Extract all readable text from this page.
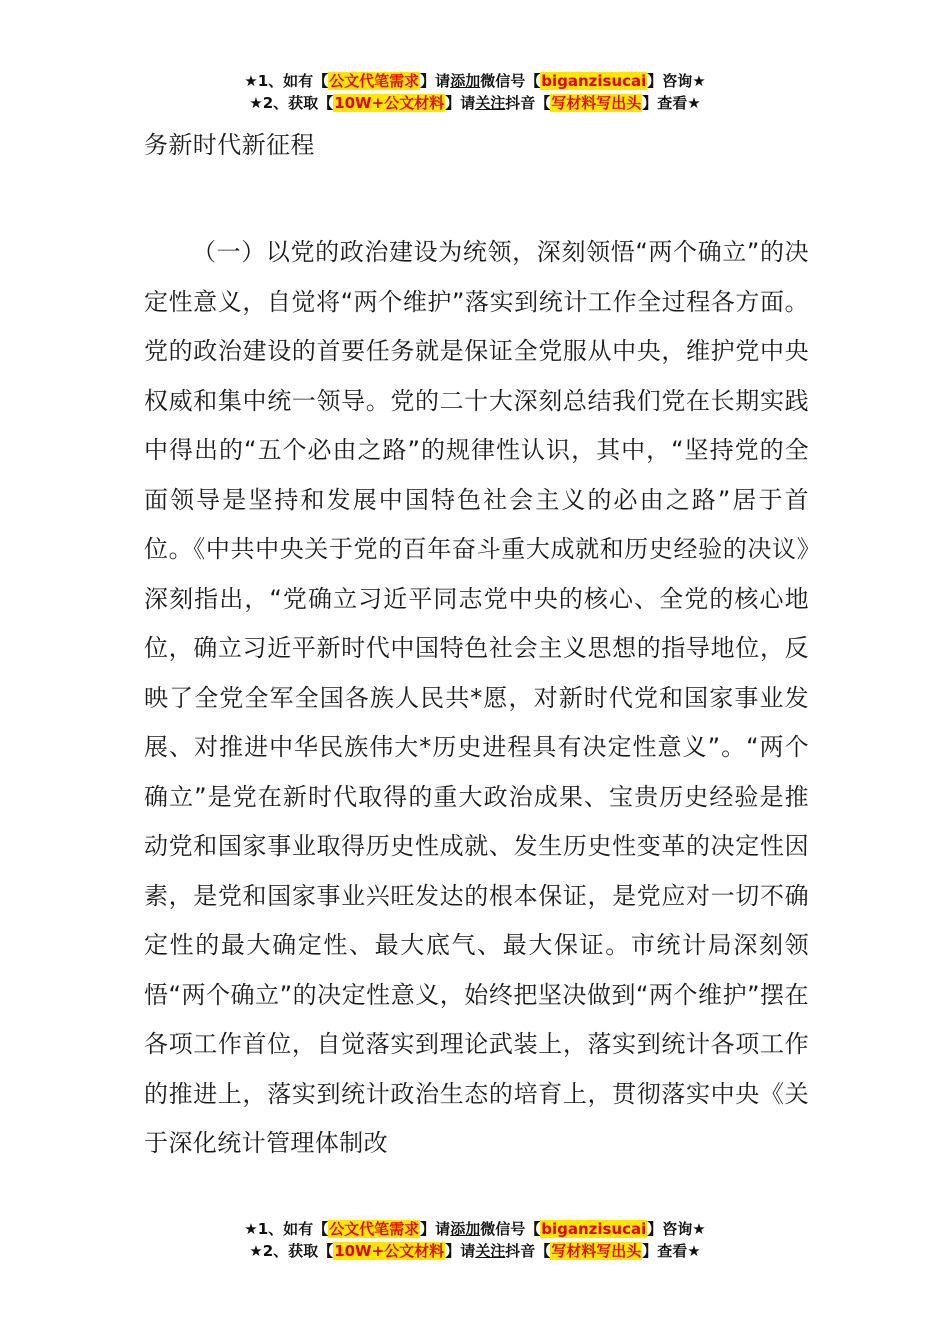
★1、如有【公文代笔需求】请添加微信号【biganzisucai】咨询★
★2、获取【10W+公文材料】请关注抖音【写材料写出头】查看★
务新时代新征程
（一）以党的政治建设为统领，深刻领悟“两个确立”的决定性意义，自觉将“两个维护”落实到统计工作全过程各方面。党的政治建设的首要任务就是保证全党服从中央，维护党中央权威和集中统一领导。党的二十大深刻总结我们党在长期实践中得出的“五个必由之路”的规律性认识，其中，“坚持党的全面领导是坚持和发展中国特色社会主义的必由之路”居于首位。《中共中央关于党的百年奋斗重大成就和历史经验的决议》深刻指出，“党确立习近平同志党中央的核心、全党的核心地位，确立习近平新时代中国特色社会主义思想的指导地位，反映了全党全军全国各族人民共*愿，对新时代党和国家事业发展、对推进中华民族伟大*历史进程具有决定性意义”。“两个确立”是党在新时代取得的重大政治成果、宝贵历史经验是推动党和国家事业取得历史性成就、发生历史性变革的决定性因素，是党和国家事业兴旺发达的根本保证，是党应对一切不确定性的最大确定性、最大底气、最大保证。市统计局深刻领悟“两个确立”的决定性意义，始终把坚决做到“两个维护”摆在各项工作首位，自觉落实到理论武装上，落实到统计各项工作的推进上，落实到统计政治生态的培育上，贯彻落实中央《关于深化统计管理体制改
★1、如有【公文代笔需求】请添加微信号【biganzisucai】咨询★
★2、获取【10W+公文材料】请关注抖音【写材料写出头】查看★
